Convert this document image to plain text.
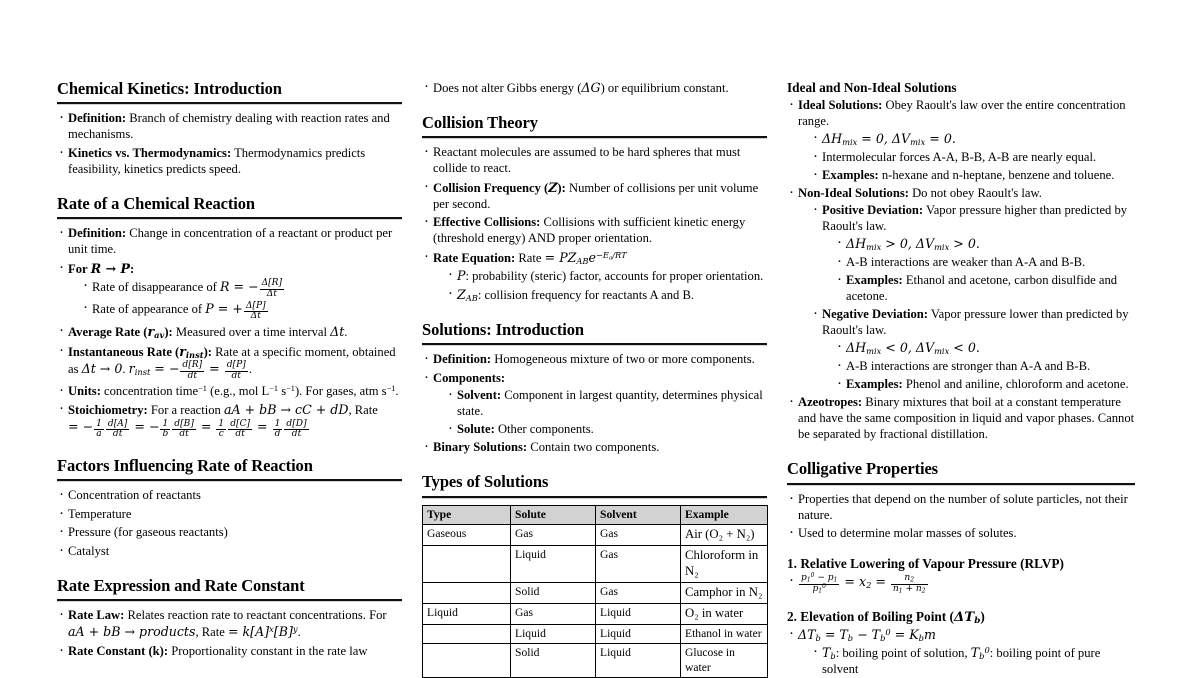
Chemical Kinetics: Introduction
· Definition: Branch of chemistry dealing with reaction rates and mechanisms.
· Kinetics vs. Thermodynamics: Thermodynamics predicts feasibility, kinetics predicts speed.
Rate of a Chemical Reaction
· Definition: Change in concentration of a reactant or product per unit time.
· For R → P:
· Rate of disappearance of R = − $\frac{\Delta[R]}{\Delta t}$
· Rate of appearance of P = + $\frac{\Delta[P]}{\Delta t}$
· Average Rate $(r_{av})$: Measured over a time interval Δt.
· Instantaneous Rate $(r_{inst})$: Rate at a specific moment, obtained as Δt → 0. $r_{inst}$ = − $\frac{d[R]}{dt} = \frac{d[P]}{dt}$ .
· Units: concentration time$^{-1}$ (e.g., mol $L^{-1}$ $s^{-1}$). For gases, atm $s^{-1}$.
· Stoichiometry: For a reaction aA + bB → cC + dD, Rate = − $\frac{1}{a} \frac{d[A]}{dt}$ = − $\frac{1}{b} \frac{d[B]}{dt} = \frac{1}{c} \frac{d[C]}{dt} = \frac{1}{d} \frac{d[D]}{dt}$
Factors Influencing Rate of Reaction
· Concentration of reactants
· Temperature
· Pressure (for gaseous reactants)
· Catalyst
Rate Expression and Rate Constant
· Rate Law: Relates reaction rate to reactant concentrations. For aA + bB → products, Rate = $k[A]^x[B]^y$.
· Rate Constant (k): Proportionality constant in the rate law
· Does not alter Gibbs energy (ΔG) or equilibrium constant.
Collision Theory
· Reactant molecules are assumed to be hard spheres that must collide to react.
· Collision Frequency (Z): Number of collisions per unit volume per second.
· Effective Collisions: Collisions with sufficient kinetic energy (threshold energy) AND proper orientation.
· Rate Equation: Rate = $PZ_{AB}e^{-E_a/RT}$
· P: probability (steric) factor, accounts for proper orientation.
· $Z_{AB}$: collision frequency for reactants A and B.
Solutions: Introduction
· Definition: Homogeneous mixture of two or more components.
· Components:
· Solvent: Component in largest quantity, determines physical state.
· Solute: Other components.
· Binary Solutions: Contain two components.
Types of Solutions
Type	Solute	Solvent	Example
Gaseous	Gas	Gas	Air (O₂ + N₂)
	Liquid	Gas	Chloroform in N₂
	Solid	Gas	Camphor in N₂
Liquid	Gas	Liquid	O₂ in water
	Liquid	Liquid	Ethanol in water
	Solid	Liquid	Glucose in water
Ideal and Non-Ideal Solutions
· Ideal Solutions: Obey Raoult's law over the entire concentration range.
· $\Delta H_{mix} = 0$, $\Delta V_{mix} = 0$.
· Intermolecular forces A-A, B-B, A-B are nearly equal.
· Examples: n-hexane and n-heptane, benzene and toluene.
· Non-Ideal Solutions: Do not obey Raoult's law.
· Positive Deviation: Vapor pressure higher than predicted by Raoult's law.
· $\Delta H_{mix} > 0$, $\Delta V_{mix} > 0$.
· A-B interactions are weaker than A-A and B-B.
· Examples: Ethanol and acetone, carbon disulfide and acetone.
· Negative Deviation: Vapor pressure lower than predicted by Raoult's law.
· $\Delta H_{mix} < 0$, $\Delta V_{mix} < 0$.
· A-B interactions are stronger than A-A and B-B.
· Examples: Phenol and aniline, chloroform and acetone.
· Azeotropes: Binary mixtures that boil at a constant temperature and have the same composition in liquid and vapor phases. Cannot be separated by fractional distillation.
Colligative Properties
· Properties that depend on the number of solute particles, not their nature.
· Used to determine molar masses of solutes.
1. Relative Lowering of Vapour Pressure (RLVP)
· $\frac{p_1^0 - p_1}{p_1^0} = x_2 = \frac{n_2}{n_1 + n_2}$
2. Elevation of Boiling Point $(\Delta T_b)$
· $\Delta T_b = T_b - T_b^0 = K_bm$
· $T_b$: boiling point of solution, $T_b^0$: boiling point of pure solvent
